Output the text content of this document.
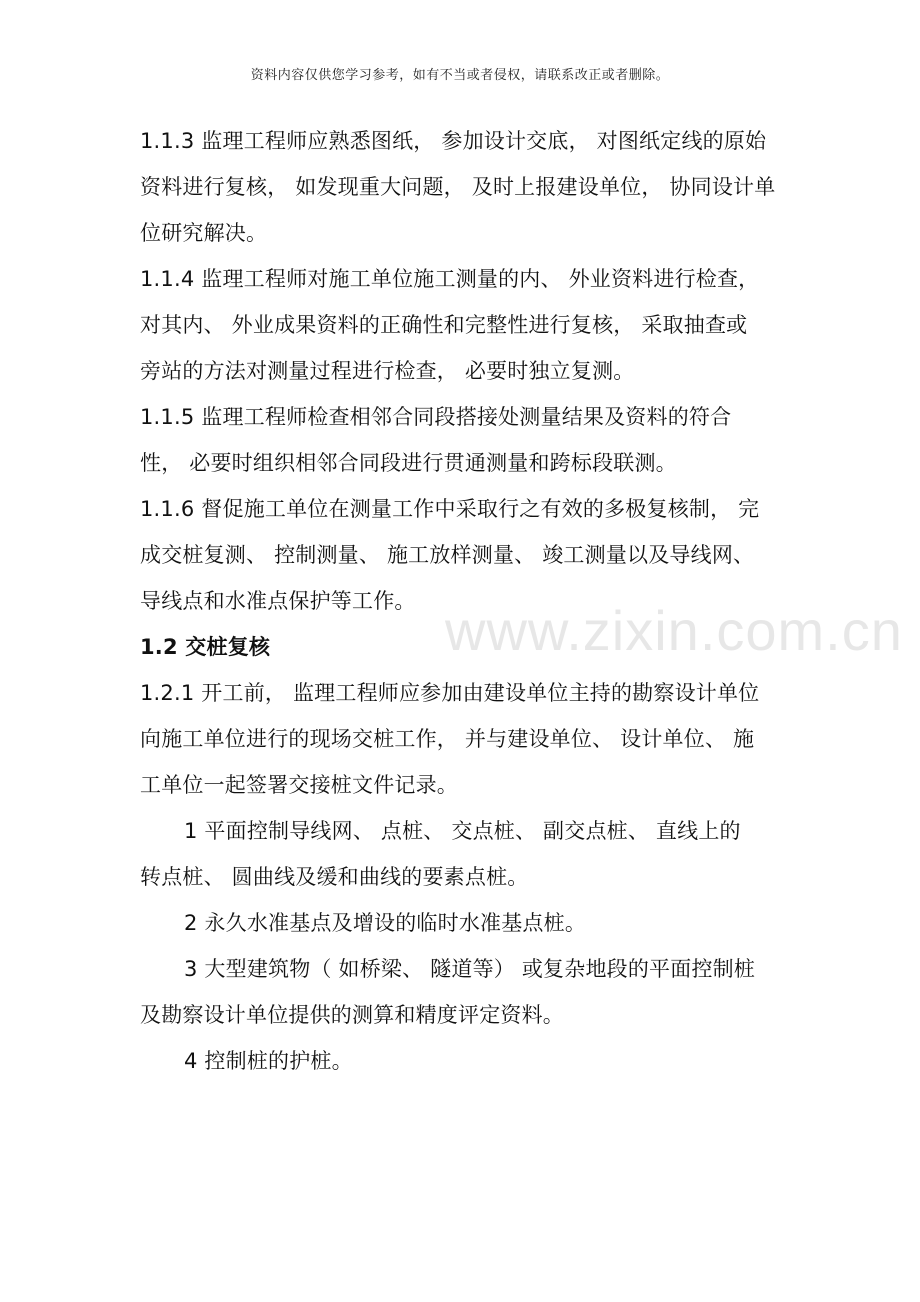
资料内容仅供您学习参考，如有不当或者侵权，请联系改正或者删除。
www.zixin.com.cn
1.1.3 监理工程师应熟悉图纸， 参加设计交底， 对图纸定线的原始
资料进行复核， 如发现重大问题， 及时上报建设单位， 协同设计单
位研究解决。
1.1.4 监理工程师对施工单位施工测量的内、 外业资料进行检查，
对其内、 外业成果资料的正确性和完整性进行复核， 采取抽查或
旁站的方法对测量过程进行检查， 必要时独立复测。
1.1.5 监理工程师检查相邻合同段搭接处测量结果及资料的符合
性， 必要时组织相邻合同段进行贯通测量和跨标段联测。
1.1.6 督促施工单位在测量工作中采取行之有效的多极复核制， 完
成交桩复测、 控制测量、 施工放样测量、 竣工测量以及导线网、
导线点和水准点保护等工作。
1.2 交桩复核
1.2.1 开工前， 监理工程师应参加由建设单位主持的勘察设计单位
向施工单位进行的现场交桩工作， 并与建设单位、 设计单位、 施
工单位一起签署交接桩文件记录。
1 平面控制导线网、 点桩、 交点桩、 副交点桩、 直线上的
转点桩、 圆曲线及缓和曲线的要素点桩。
2 永久水准基点及增设的临时水准基点桩。
3 大型建筑物（ 如桥梁、 隧道等） 或复杂地段的平面控制桩
及勘察设计单位提供的测算和精度评定资料。
4 控制桩的护桩。
